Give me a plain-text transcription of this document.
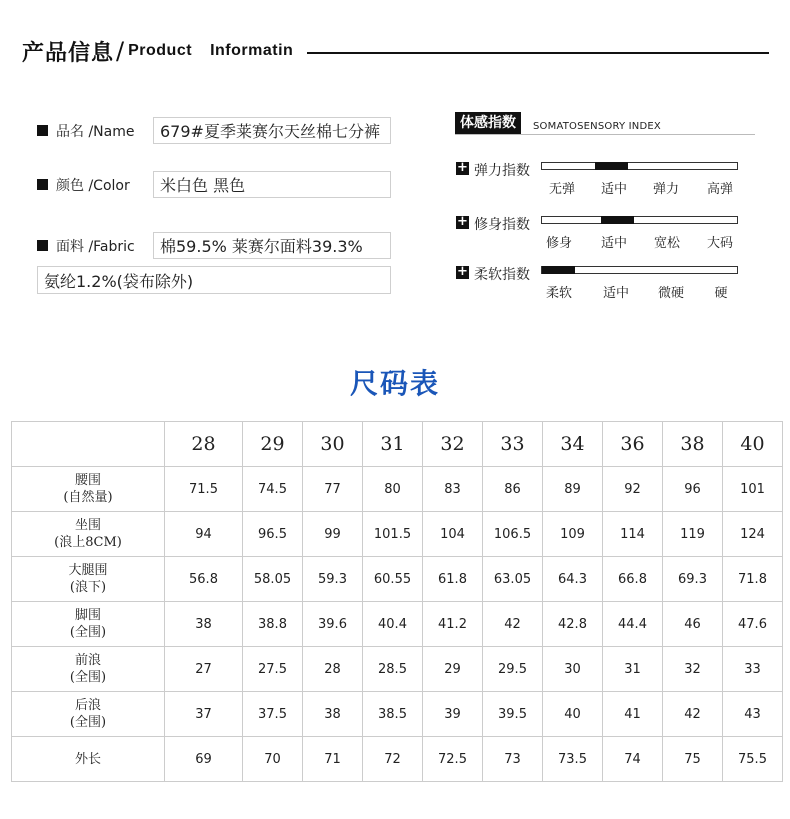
产品信息 / Product Informatin
品名 /Name	679#夏季莱赛尔天丝棉七分裤
颜色 /Color	米白色 黑色
面料 /Fabric	棉59.5% 莱赛尔面料39.3%
氨纶1.2%(袋布除外)
体感指数	SOMATOSENSORY INDEX
+ 弹力指数
无弹 适中 弹力 高弹
+ 修身指数
修身 适中 宽松 大码
+ 柔软指数
柔软 适中 微硬 硬
尺码表
	28	29	30	31	32	33	34	36	38	40

腰围
(自然量)	71.5	74.5	77	80	83	86	89	92	96	101

坐围
(浪上8CM)	94	96.5	99	101.5	104	106.5	109	114	119	124

大腿围
(浪下)	56.8	58.05	59.3	60.55	61.8	63.05	64.3	66.8	69.3	71.8

脚围
(全围)	38	38.8	39.6	40.4	41.2	42	42.8	44.4	46	47.6

前浪
(全围)	27	27.5	28	28.5	29	29.5	30	31	32	33

后浪
(全围)	37	37.5	38	38.5	39	39.5	40	41	42	43

外长	69	70	71	72	72.5	73	73.5	74	75	75.5
